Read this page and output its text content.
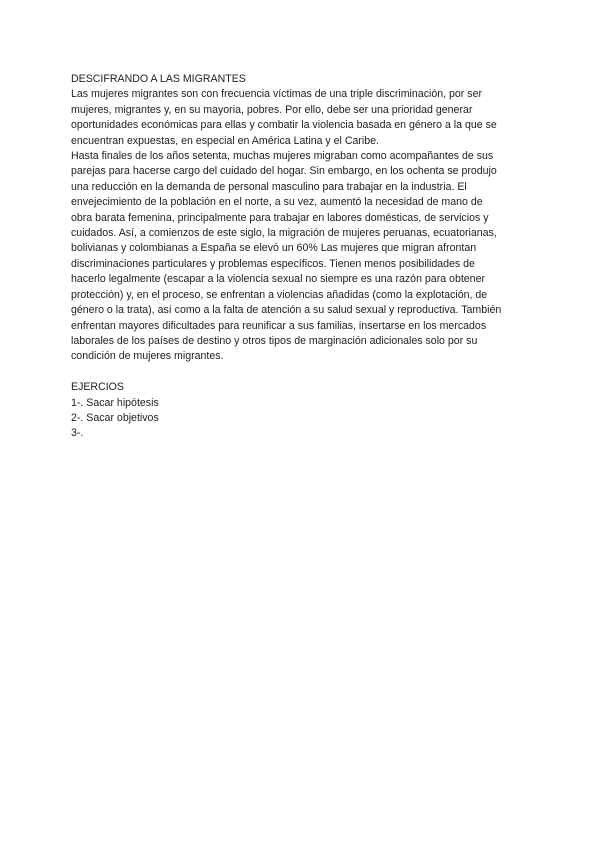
DESCIFRANDO A LAS MIGRANTES
Las mujeres migrantes son con frecuencia víctimas de una triple discriminación, por ser
mujeres, migrantes y, en su mayoria, pobres. Por ello, debe ser una prioridad generar
oportunidades económicas para ellas y combatir la violencia basada en género a la que se
encuentran expuestas, en especial en América Latina y el Caribe.
Hasta finales de los años setenta, muchas mujeres migraban como acompañantes de sus
parejas para hacerse cargo del cuidado del hogar. Sin embargo, en los ochenta se produjo
una reducción en la demanda de personal masculino para trabajar en la industria. El
envejecimiento de la población en el norte, a su vez, aumentó la necesidad de mano de
obra barata femenina, principalmente para trabajar en labores domésticas, de servicios y
cuidados. Así, a comienzos de este siglo, la migración de mujeres peruanas, ecuatorianas,
bolivianas y colombianas a España se elevó un 60% Las mujeres que migran afrontan
discriminaciones particulares y problemas específicos. Tienen menos posibilidades de
hacerlo legalmente (escapar a la violencia sexual no siempre es una razón para obtener
protección) y, en el proceso, se enfrentan a violencias añadidas (como la explotación, de
género o la trata), así como a la falta de atención a su salud sexual y reproductiva. También
enfrentan mayores dificultades para reunificar a sus familias, insertarse en los mercados
laborales de los países de destino y otros tipos de marginación adicionales solo por su
condición de mujeres migrantes.
EJERCIOS
1-. Sacar hipótesis
2-. Sacar objetivos
3-.
